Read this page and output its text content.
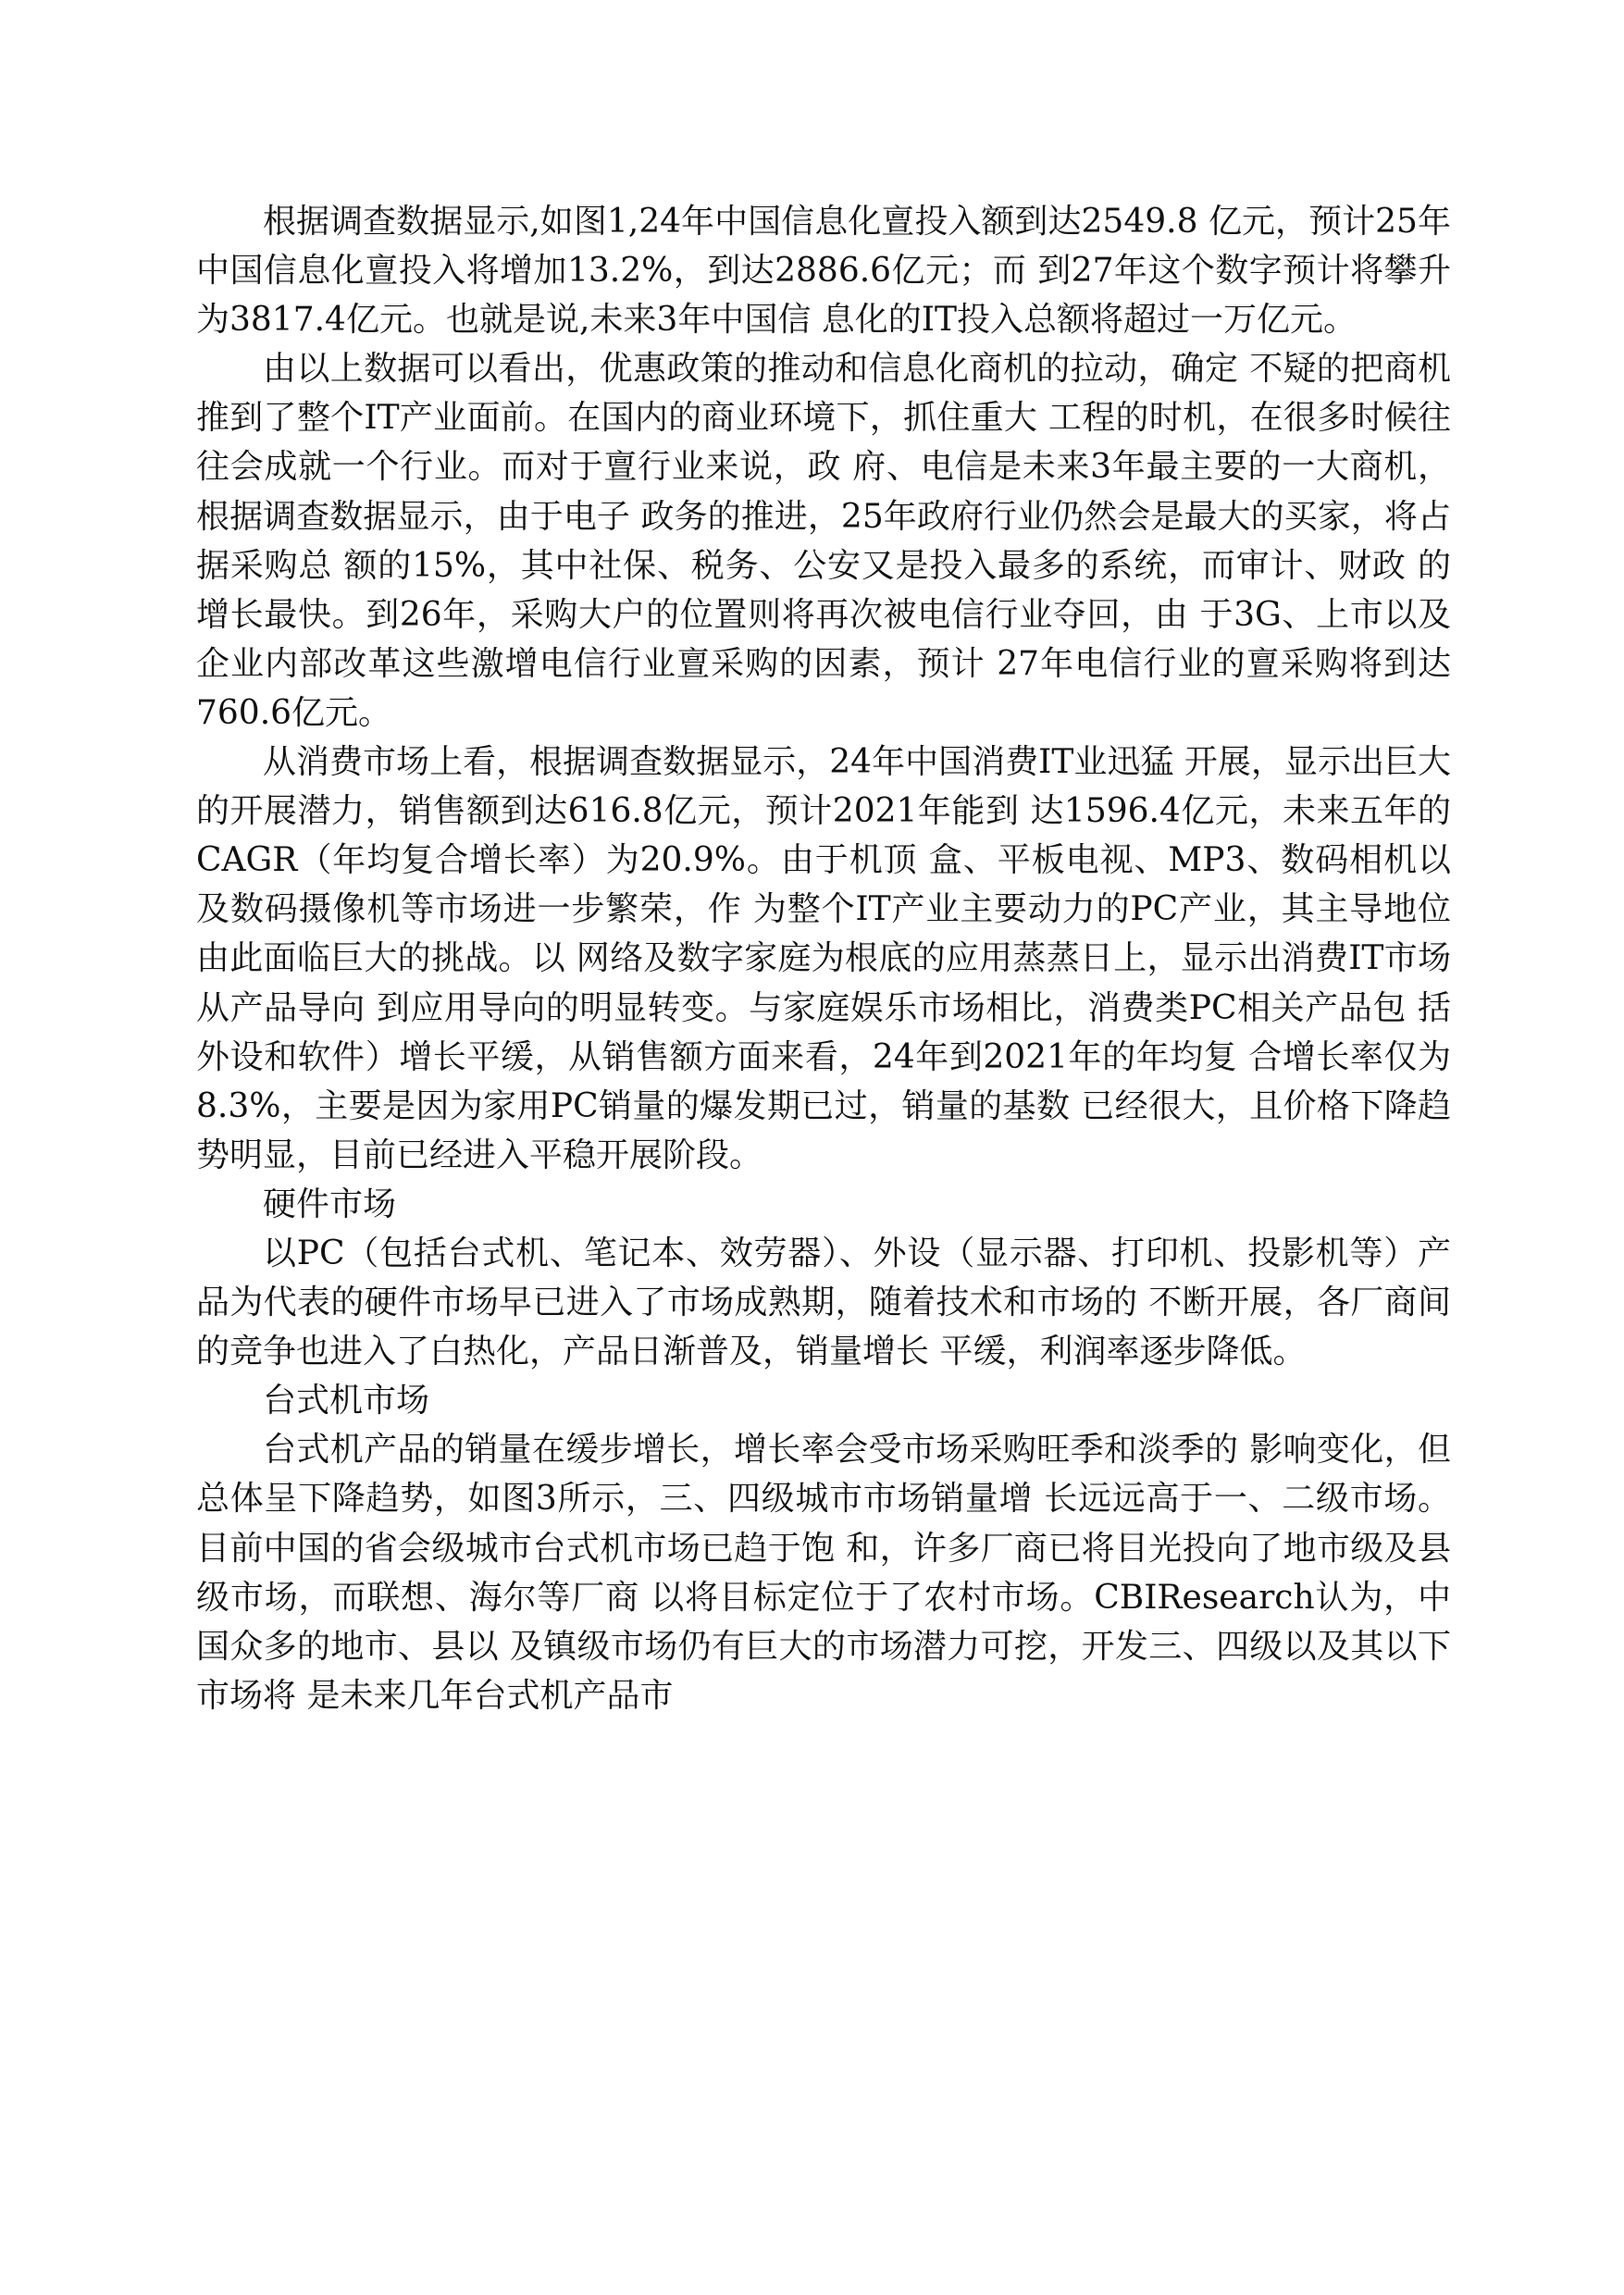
根据调查数据显示,如图1,24年中国信息化亶投入额到达2549.8 亿元，预计25年中国信息化亶投入将增加13.2%，到达2886.6亿元；而 到27年这个数字预计将攀升为3817.4亿元。也就是说,未来3年中国信 息化的IT投入总额将超过一万亿元。

由以上数据可以看出，优惠政策的推动和信息化商机的拉动，确定 不疑的把商机推到了整个IT产业面前。在国内的商业环境下，抓住重大 工程的时机，在很多时候往往会成就一个行业。而对于亶行业来说，政 府、电信是未来3年最主要的一大商机，根据调查数据显示，由于电子 政务的推进，25年政府行业仍然会是最大的买家，将占据采购总 额的15%，其中社保、税务、公安又是投入最多的系统，而审计、财政 的增长最快。到26年，采购大户的位置则将再次被电信行业夺回，由 于3G、上市以及企业内部改革这些激增电信行业亶采购的因素，预计 27年电信行业的亶采购将到达760.6亿元。

从消费市场上看，根据调查数据显示，24年中国消费IT业迅猛 开展，显示出巨大的开展潜力，销售额到达616.8亿元，预计2021年能到 达1596.4亿元，未来五年的CAGR（年均复合增长率）为20.9%。由于机顶 盒、平板电视、MP3、数码相机以及数码摄像机等市场进一步繁荣，作 为整个IT产业主要动力的PC产业，其主导地位由此面临巨大的挑战。以 网络及数字家庭为根底的应用蒸蒸日上，显示出消费IT市场从产品导向 到应用导向的明显转变。与家庭娱乐市场相比，消费类PC相关产品包 括外设和软件）增长平缓，从销售额方面来看，24年到2021年的年均复 合增长率仅为8.3%，主要是因为家用PC销量的爆发期已过，销量的基数 已经很大，且价格下降趋势明显，目前已经进入平稳开展阶段。

硬件市场

以PC（包括台式机、笔记本、效劳器）、外设（显示器、打印机、投影机等）产品为代表的硬件市场早已进入了市场成熟期，随着技术和市场的 不断开展，各厂商间的竞争也进入了白热化，产品日渐普及，销量增长 平缓，利润率逐步降低。

台式机市场

台式机产品的销量在缓步增长，增长率会受市场采购旺季和淡季的 影响变化，但总体呈下降趋势，如图3所示，三、四级城市市场销量增 长远远高于一、二级市场。目前中国的省会级城市台式机市场已趋于饱 和，许多厂商已将目光投向了地市级及县级市场，而联想、海尔等厂商 以将目标定位于了农村市场。CBIResearch认为，中国众多的地市、县以 及镇级市场仍有巨大的市场潜力可挖，开发三、四级以及其以下市场将 是未来几年台式机产品市
